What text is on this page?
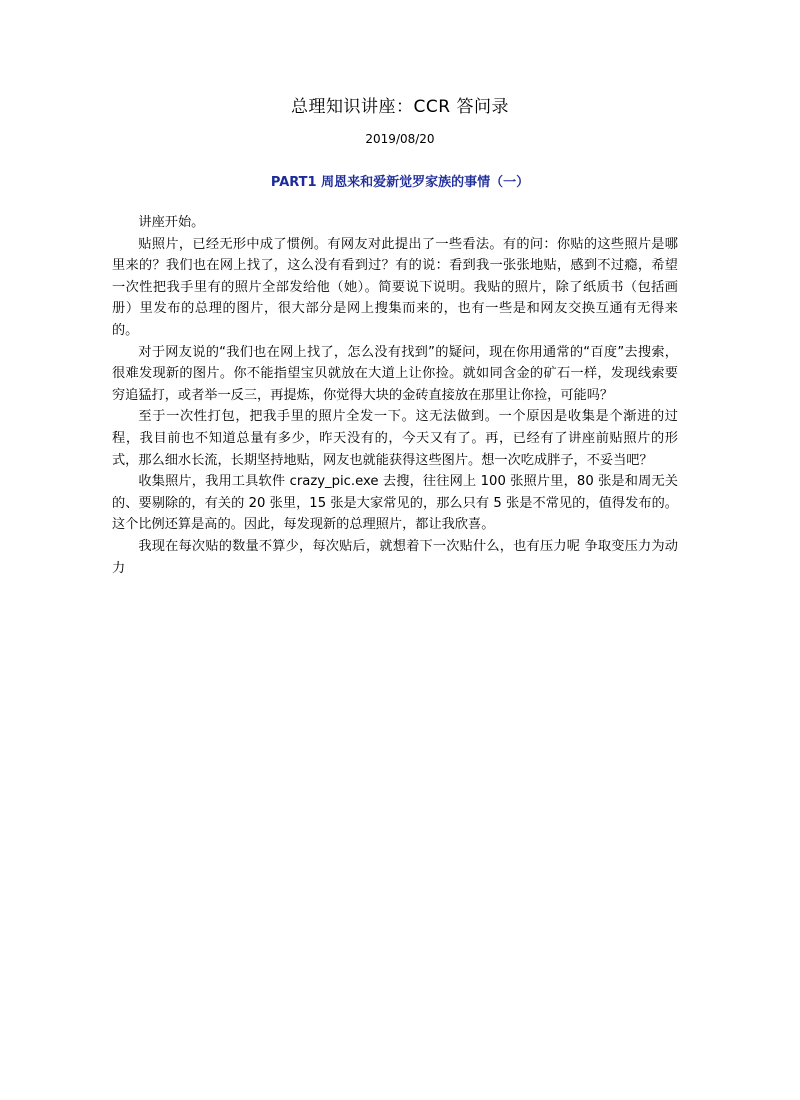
总理知识讲座：CCR 答问录
2019/08/20
PART1 周恩来和爱新觉罗家族的事情（一）

讲座开始。

贴照片，已经无形中成了惯例。有网友对此提出了一些看法。有的问：你贴的这些照片是哪里来的？我们也在网上找了，这么没有看到过？有的说：看到我一张张地贴，感到不过瘾，希望一次性把我手里有的照片全部发给他（她）。简要说下说明。我贴的照片，除了纸质书（包括画册）里发布的总理的图片，很大部分是网上搜集而来的，也有一些是和网友交换互通有无得来的。

对于网友说的“我们也在网上找了，怎么没有找到”的疑问，现在你用通常的“百度”去搜索，很难发现新的图片。你不能指望宝贝就放在大道上让你捡。就如同含金的矿石一样，发现线索要穷追猛打，或者举一反三，再提炼，你觉得大块的金砖直接放在那里让你捡，可能吗？

至于一次性打包，把我手里的照片全发一下。这无法做到。一个原因是收集是个渐进的过程，我目前也不知道总量有多少，昨天没有的，今天又有了。再，已经有了讲座前贴照片的形式，那么细水长流，长期坚持地贴，网友也就能获得这些图片。想一次吃成胖子，不妥当吧？

收集照片，我用工具软件 crazy_pic.exe 去搜，往往网上 100 张照片里，80 张是和周无关的、要剔除的，有关的 20 张里，15 张是大家常见的，那么只有 5 张是不常见的，值得发布的。这个比例还算是高的。因此，每发现新的总理照片，都让我欣喜。

我现在每次贴的数量不算少，每次贴后，就想着下一次贴什么，也有压力呢 争取变压力为动力
